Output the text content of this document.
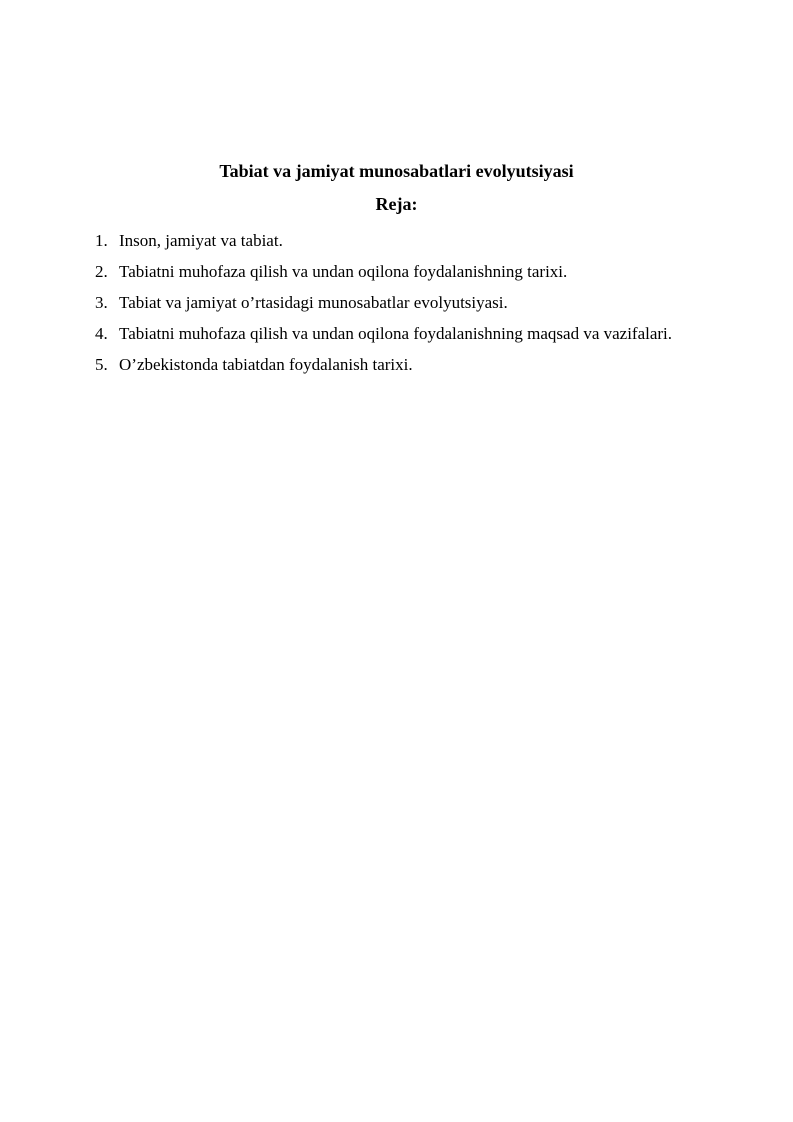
Tabiat va jamiyat munosabatlari evolyutsiyasi
Reja:
1. Inson, jamiyat va tabiat.
2. Tabiatni muhofaza qilish va undan oqilona foydalanishning tarixi.
3. Tabiat va jamiyat o’rtasidagi munosabatlar evolyutsiyasi.
4. Tabiatni muhofaza qilish va undan oqilona foydalanishning maqsad va vazifalari.
5. O’zbekistonda tabiatdan foydalanish tarixi.
